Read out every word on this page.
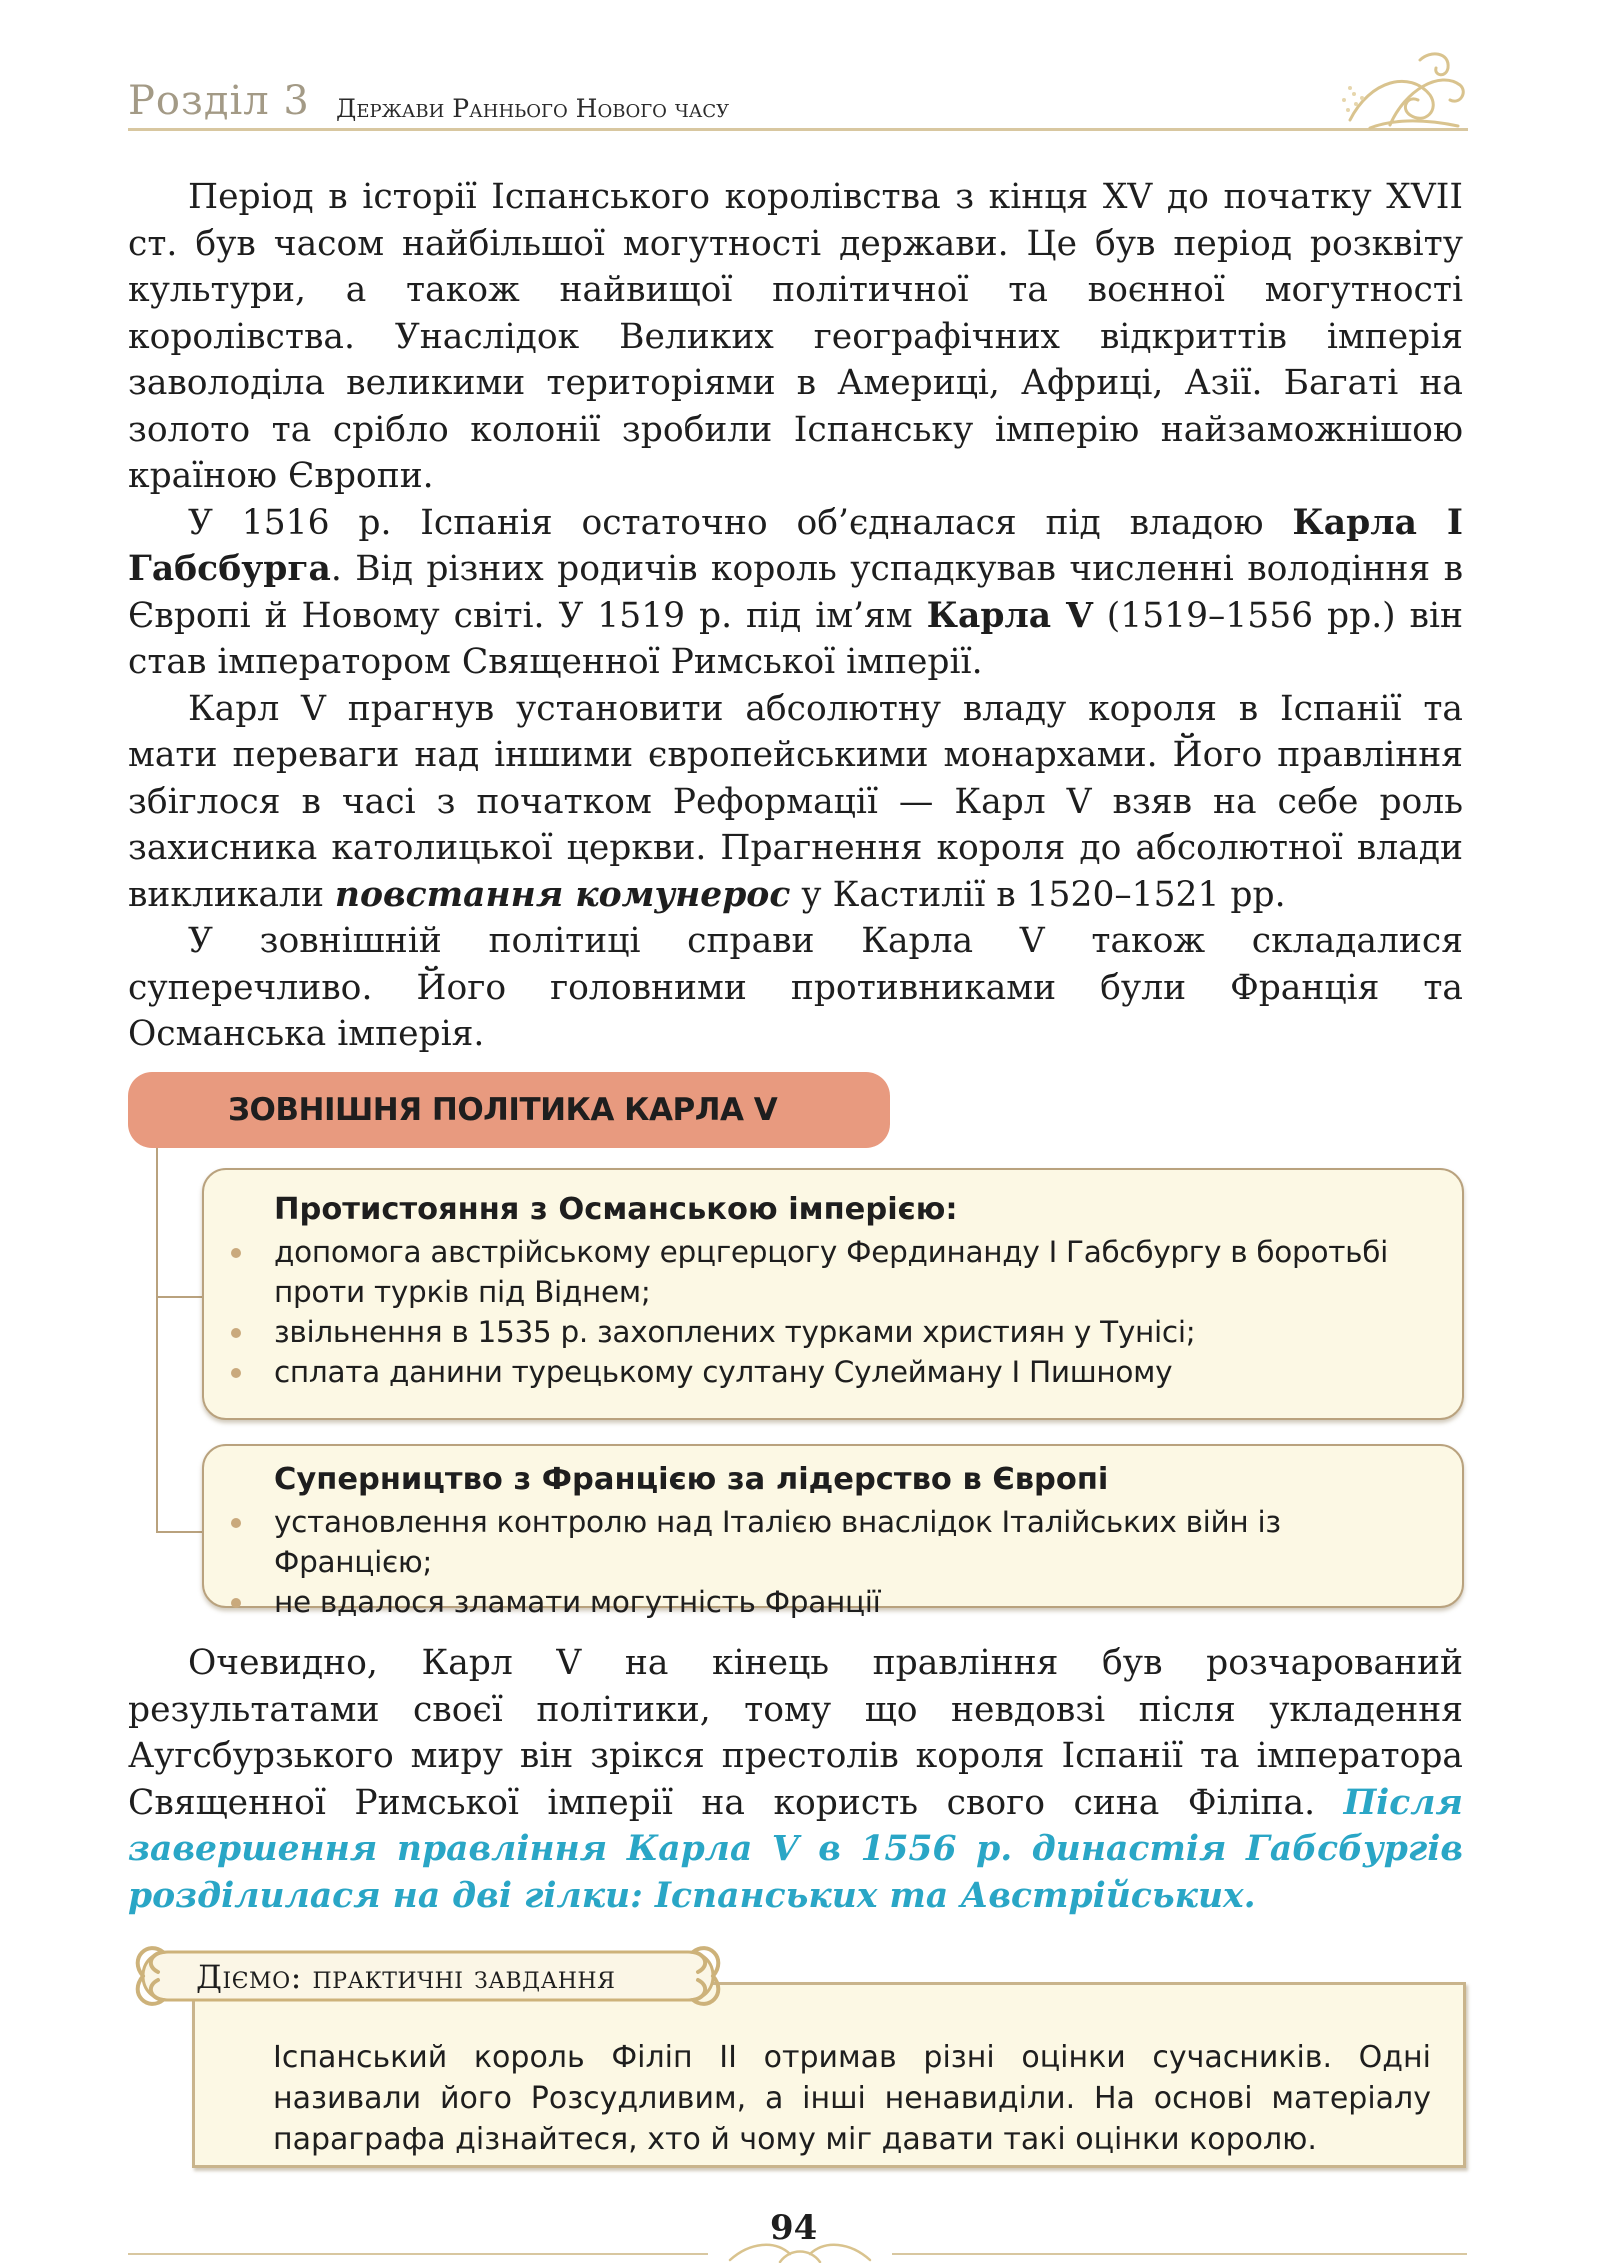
Розділ 3 Держави Раннього Нового часу

Період в історії Іспанського королівства з кінця XV до початку XVII ст. був часом найбільшої могутності держави. Це був період розквіту культури, а також найвищої політичної та воєнної могутності королівства. Унаслідок Великих географічних відкриттів імперія заволоділа великими територіями в Америці, Африці, Азії. Багаті на золото та срібло колонії зробили Іспанську імперію найзаможнішою країною Європи.

У 1516 р. Іспанія остаточно об’єдналася під владою Карла I Габсбурга. Від різних родичів король успадкував численні володіння в Європі й Новому світі. У 1519 р. під ім’ям Карла V (1519–1556 рр.) він став імператором Священної Римської імперії.

Карл V прагнув установити абсолютну владу короля в Іспанії та мати переваги над іншими європейськими монархами. Його правління збіглося в часі з початком Реформації — Карл V взяв на себе роль захисника католицької церкви. Прагнення короля до абсолютної влади викликали повстання комунерос у Кастилії в 1520–1521 рр.

У зовнішній політиці справи Карла V також складалися суперечливо. Його головними противниками були Франція та Османська імперія.

ЗОВНІШНЯ ПОЛІТИКА КАРЛА V
Протистояння з Османською імперією:
допомога австрійському ерцгерцогу Фердинанду I Габсбургу в боротьбі проти турків під Віднем;
звільнення в 1535 р. захоплених турками християн у Тунісі;
сплата данини турецькому султану Сулейману I Пишному
Суперництво з Францією за лідерство в Європі
установлення контролю над Італією внаслідок Італійських війн із Францією;
не вдалося зламати могутність Франції

Очевидно, Карл V на кінець правління був розчарований результатами своєї політики, тому що невдовзі після укладення Аугсбурзького миру він зрікся престолів короля Іспанії та імператора Священної Римської імперії на користь свого сина Філіпа. Після завершення правління Карла V в 1556 р. династія Габсбургів розділилася на дві гілки: Іспанських та Австрійських.

Іспанський король Філіп II отримав різні оцінки сучасників. Одні називали його Розсудливим, а інші ненавиділи. На основі матеріалу параграфа дізнайтеся, хто й чому міг давати такі оцінки королю.
Діємо: практичні завдання
94
